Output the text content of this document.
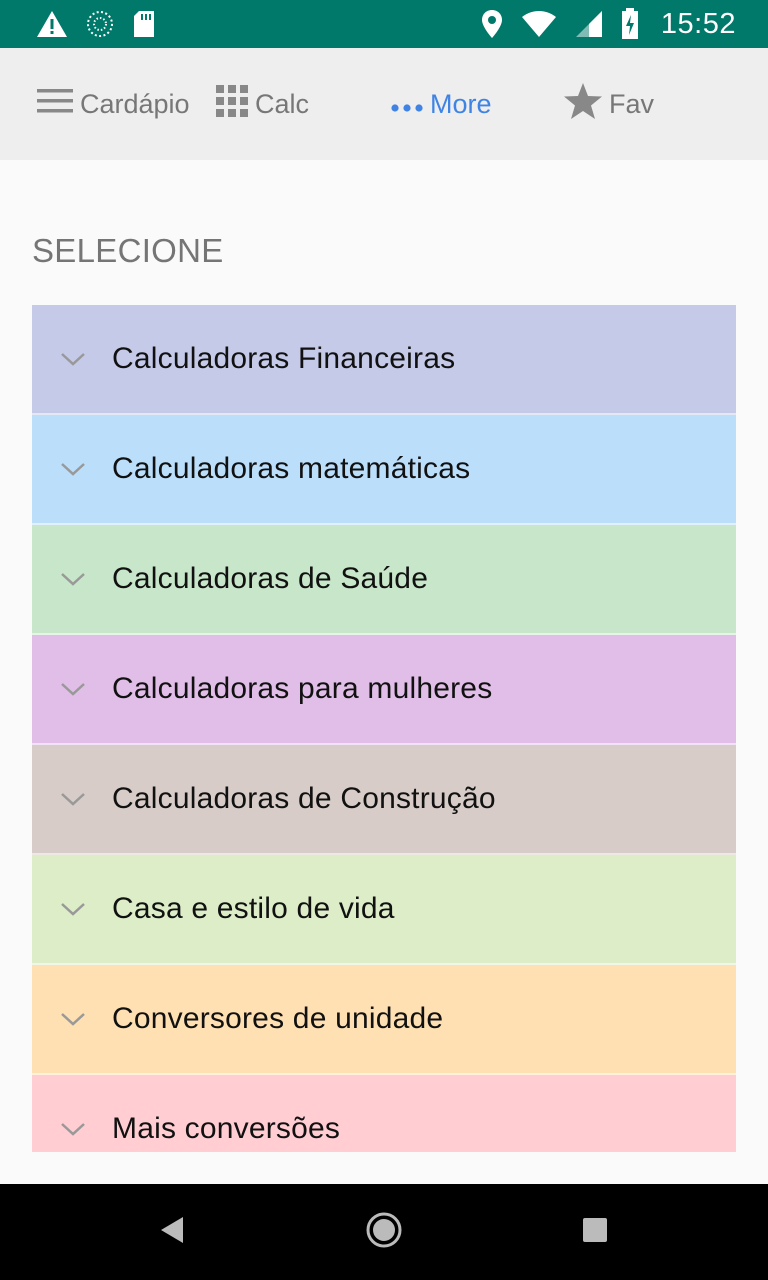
15:52
Cardápio Calc	More	Fav
SELECIONE
Calculadoras Financeiras
Calculadoras matemáticas
Calculadoras de Saúde
Calculadoras para mulheres
Calculadoras de Construção
Casa e estilo de vida
Conversores de unidade
Mais conversões
